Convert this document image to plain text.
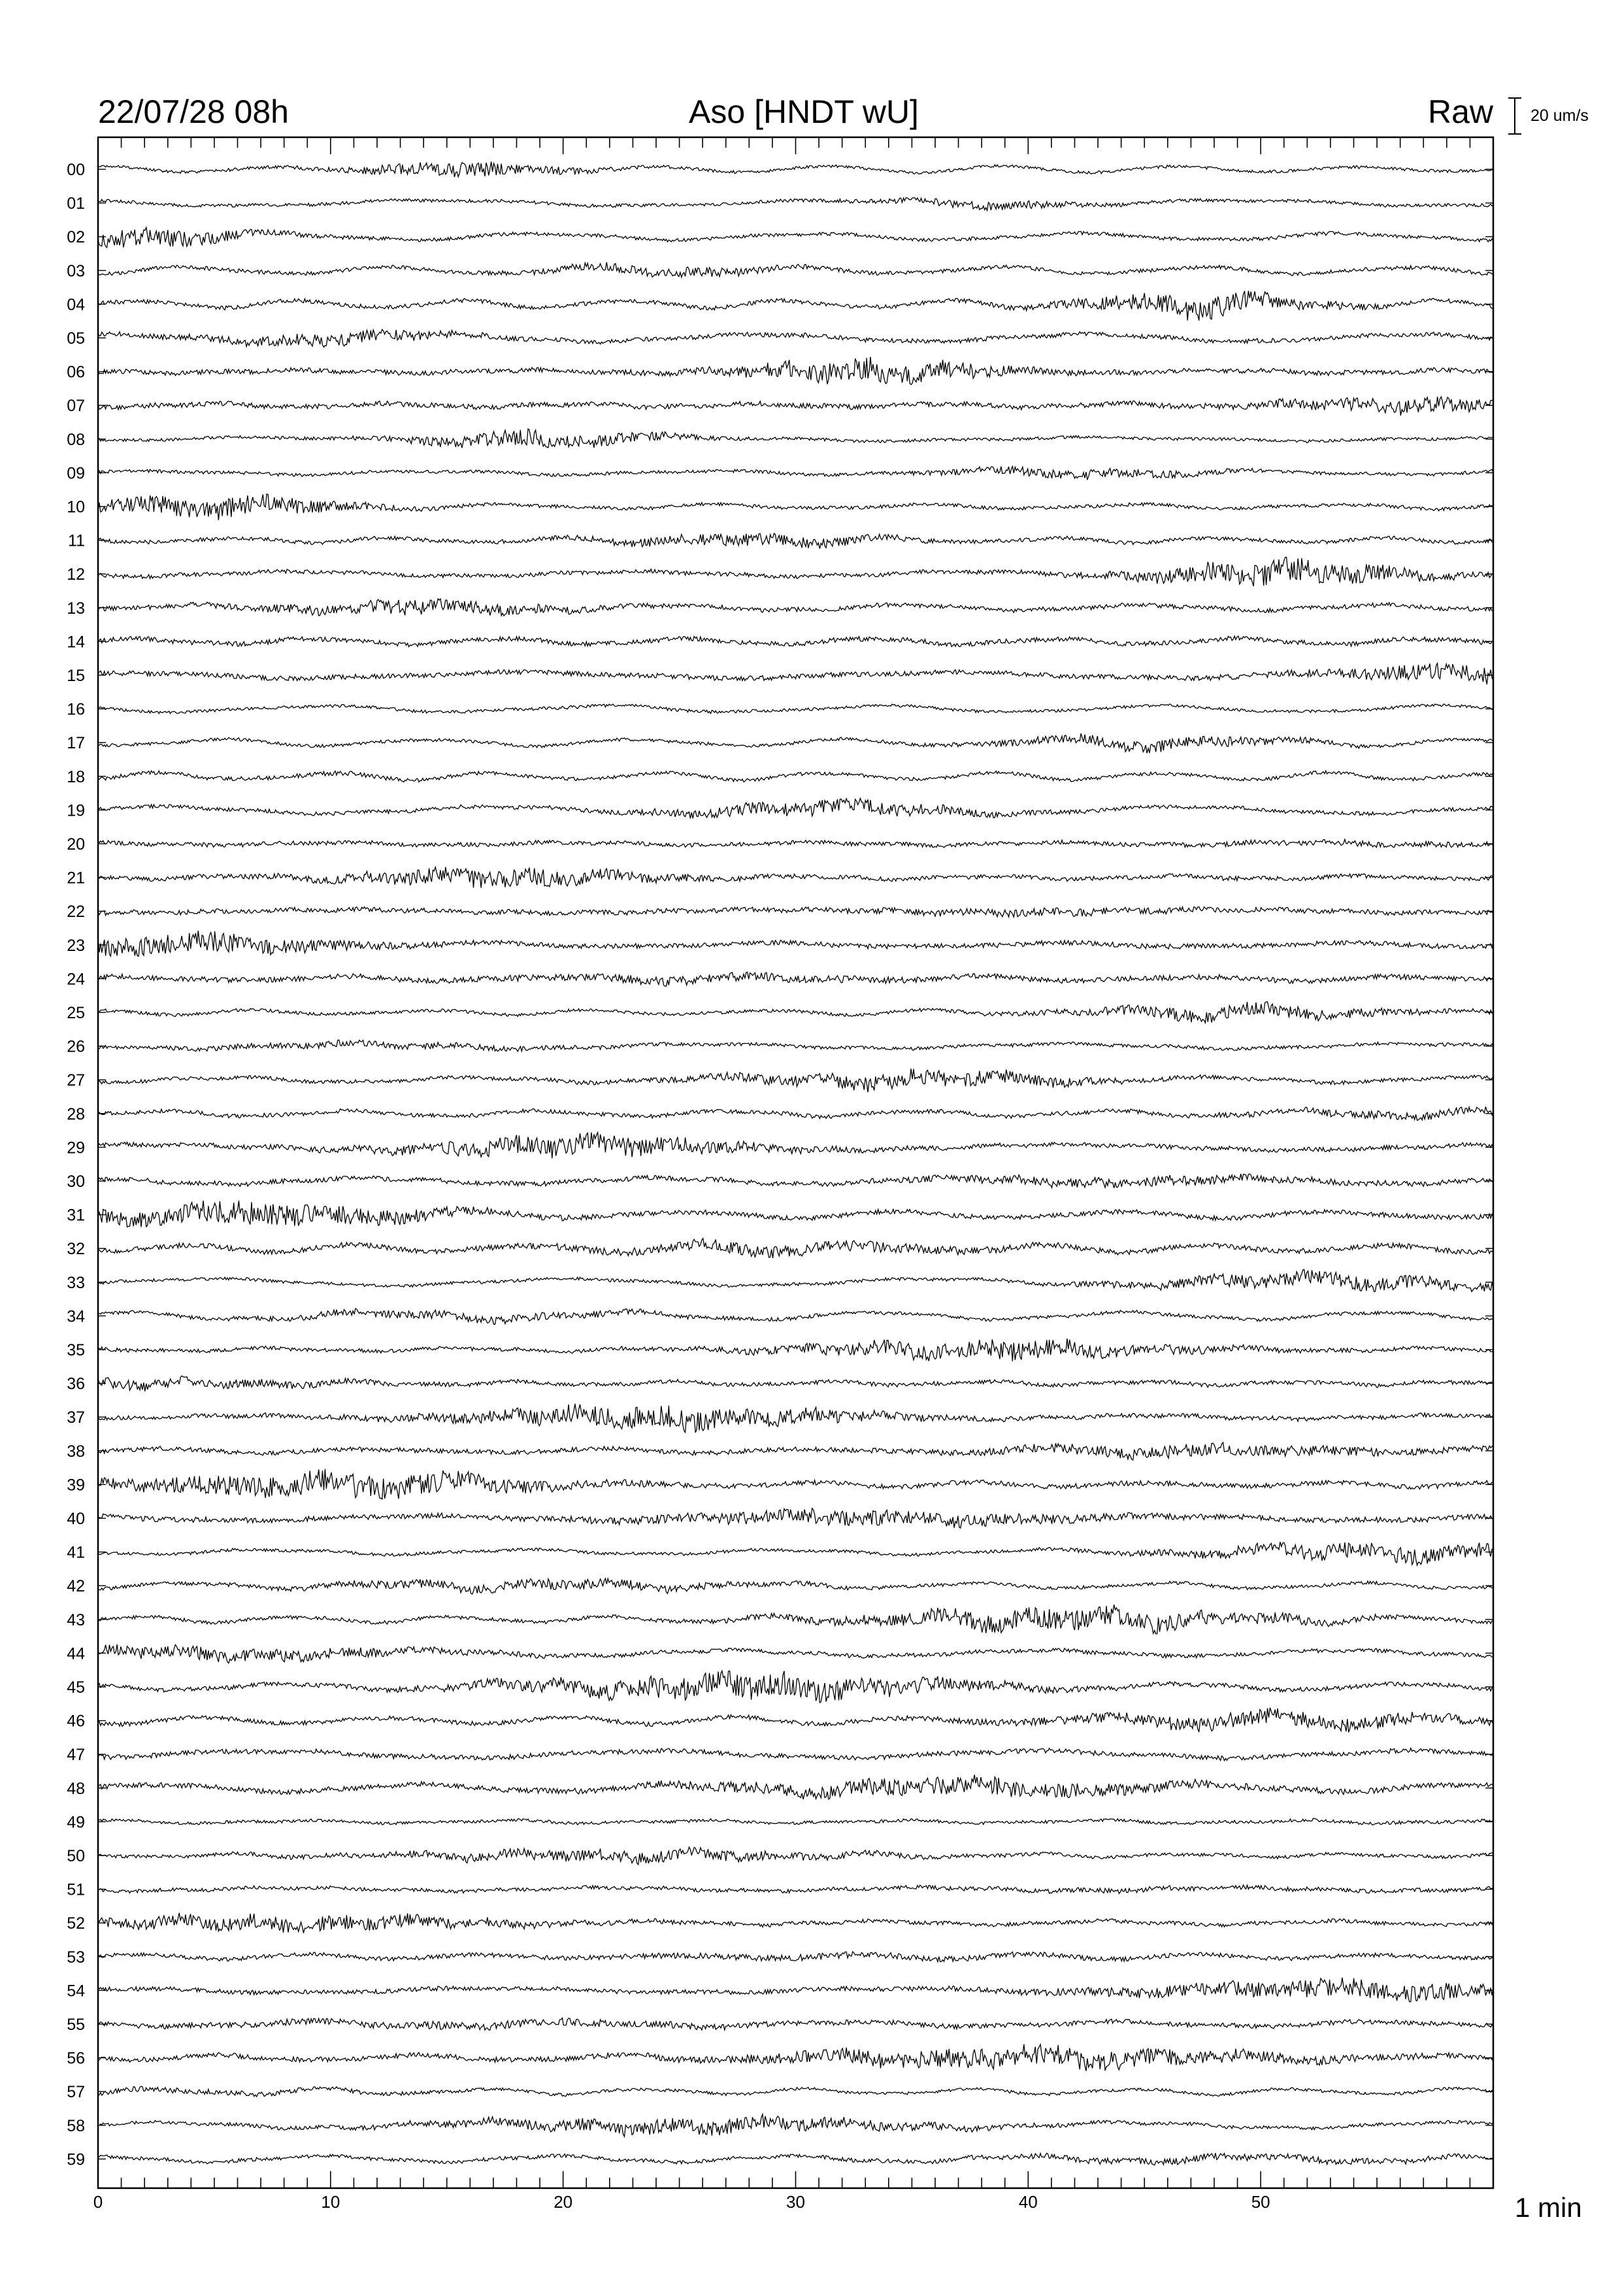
22/07/28 08h	Aso [HNDT wU]	Raw 20 um/s
0	10	20	30	40	50	1 min
00
01
02
03
04
05
06
07
08
09
10
11
12
13
14
15
16
17
18
19
20
21
22
23
24
25
26
27
28
29
30
31
32
33
34
35
36
37
38
39
40
41
42
43
44
45
46
47
48
49
50
51
52
53
54
55
56
57
58
59
